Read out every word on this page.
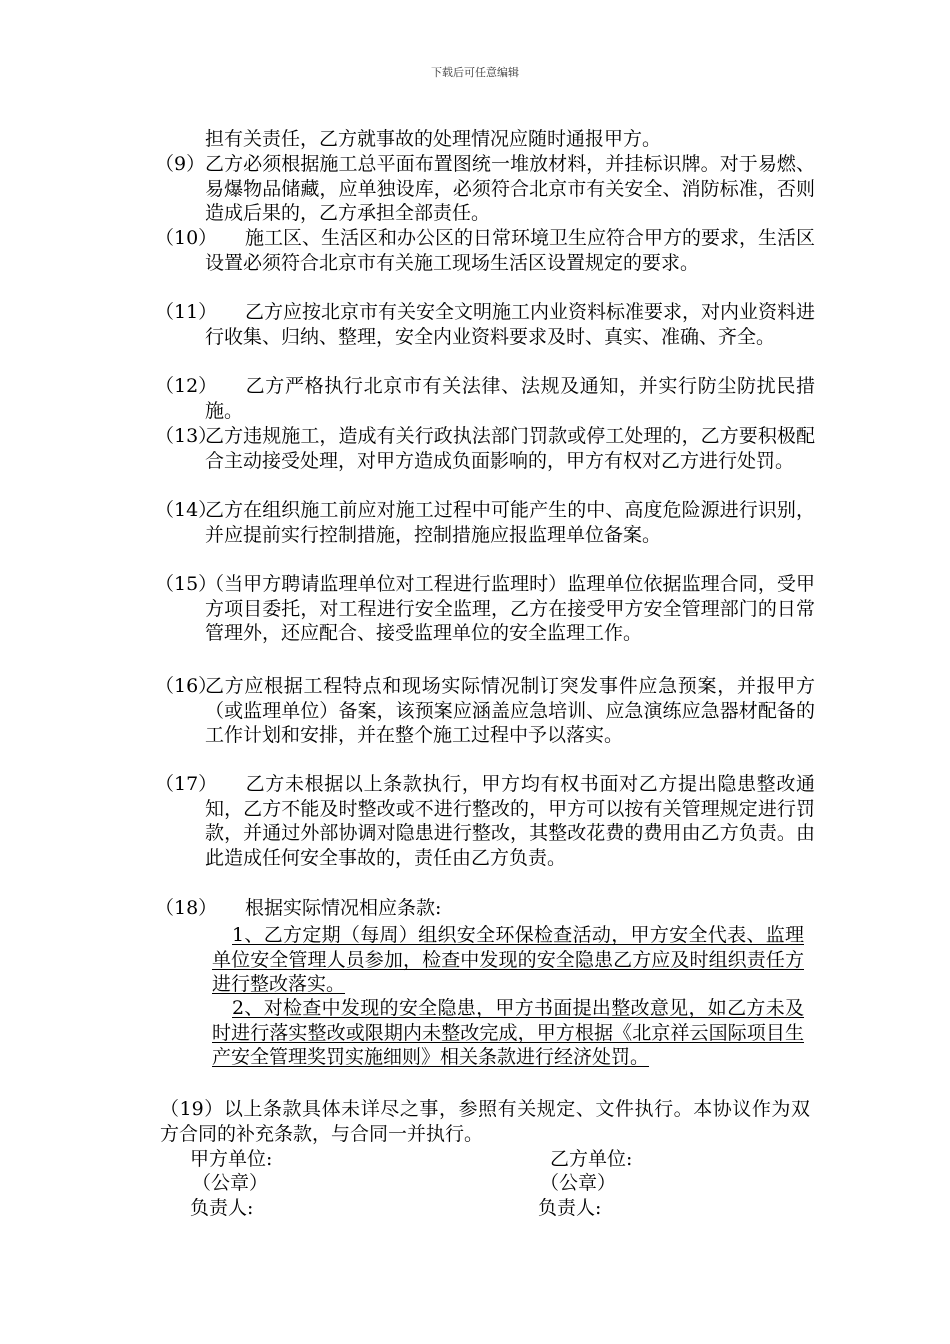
下载后可任意编辑
担有关责任，乙方就事故的处理情况应随时通报甲方。
（9） 乙方必须根据施工总平面布置图统一堆放材料，并挂标识牌。对于易燃、易爆物品储藏，应单独设库，必须符合北京市有关安全、消防标准，否则造成后果的，乙方承担全部责任。
（10）	施工区、生活区和办公区的日常环境卫生应符合甲方的要求，生活区设置必须符合北京市有关施工现场生活区设置规定的要求。
（11）	乙方应按北京市有关安全文明施工内业资料标准要求，对内业资料进行收集、归纳、整理，安全内业资料要求及时、真实、准确、齐全。
（12）	乙方严格执行北京市有关法律、法规及通知，并实行防尘防扰民措施。
（13）
乙方违规施工，造成有关行政执法部门罚款或停工处理的，乙方要积极配合主动接受处理，对甲方造成负面影响的，甲方有权对乙方进行处罚。
（14）
乙方在组织施工前应对施工过程中可能产生的中、高度危险源进行识别，并应提前实行控制措施，控制措施应报监理单位备案。
（15）
（当甲方聘请监理单位对工程进行监理时）监理单位依据监理合同，受甲方项目委托，对工程进行安全监理，乙方在接受甲方安全管理部门的日常管理外，还应配合、接受监理单位的安全监理工作。
（16）
乙方应根据工程特点和现场实际情况制订突发事件应急预案，并报甲方（或监理单位）备案，该预案应涵盖应急培训、应急演练应急器材配备的工作计划和安排，并在整个施工过程中予以落实。
（17）	乙方未根据以上条款执行，甲方均有权书面对乙方提出隐患整改通知，乙方不能及时整改或不进行整改的，甲方可以按有关管理规定进行罚款，并通过外部协调对隐患进行整改，其整改花费的费用由乙方负责。由此造成任何安全事故的，责任由乙方负责。
（18）	根据实际情况相应条款:
1、乙方定期（每周）组织安全环保检查活动，甲方安全代表、监理单位安全管理人员参加，检查中发现的安全隐患乙方应及时组织责任方进行整改落实。
2、对检查中发现的安全隐患，甲方书面提出整改意见，如乙方未及时进行落实整改或限期内未整改完成，甲方根据《北京祥云国际项目生产安全管理奖罚实施细则》相关条款进行经济处罚。
（19）以上条款具体未详尽之事，参照有关规定、文件执行。本协议作为双方合同的补充条款，与合同一并执行。
甲方单位:	乙方单位:
（公章）	（公章）
负责人:	负责人:
